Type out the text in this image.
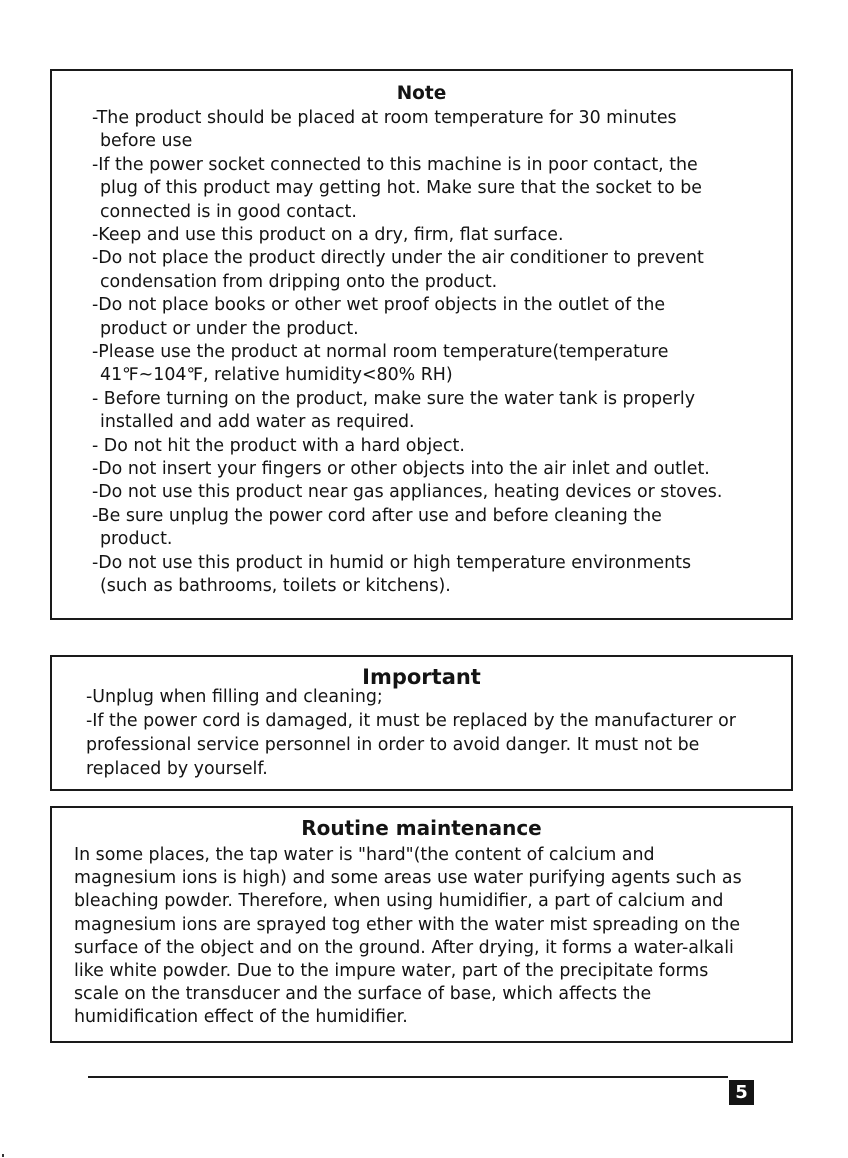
Note
-The product should be placed at room temperature for 30 minutes
before use
-If the power socket connected to this machine is in poor contact, the
plug of this product may getting hot. Make sure that the socket to be
connected is in good contact.
-Keep and use this product on a dry, firm, flat surface.
-Do not place the product directly under the air conditioner to prevent
condensation from dripping onto the product.
-Do not place books or other wet proof objects in the outlet of the
product or under the product.
-Please use the product at normal room temperature(temperature
41℉~104℉, relative humidity<80% RH)
- Before turning on the product, make sure the water tank is properly
installed and add water as required.
- Do not hit the product with a hard object.
-Do not insert your fingers or other objects into the air inlet and outlet.
-Do not use this product near gas appliances, heating devices or stoves.
-Be sure unplug the power cord after use and before cleaning the
product.
-Do not use this product in humid or high temperature environments
(such as bathrooms, toilets or kitchens).
Important
-Unplug when filling and cleaning;
-If the power cord is damaged, it must be replaced by the manufacturer or
professional service personnel in order to avoid danger. It must not be
replaced by yourself.
Routine maintenance
In some places, the tap water is "hard"(the content of calcium and
magnesium ions is high) and some areas use water purifying agents such as
bleaching powder. Therefore, when using humidifier, a part of calcium and
magnesium ions are sprayed tog ether with the water mist spreading on the
surface of the object and on the ground. After drying, it forms a water-alkali
like white powder. Due to the impure water, part of the precipitate forms
scale on the transducer and the surface of base, which affects the
humidification effect of the humidifier.
5
